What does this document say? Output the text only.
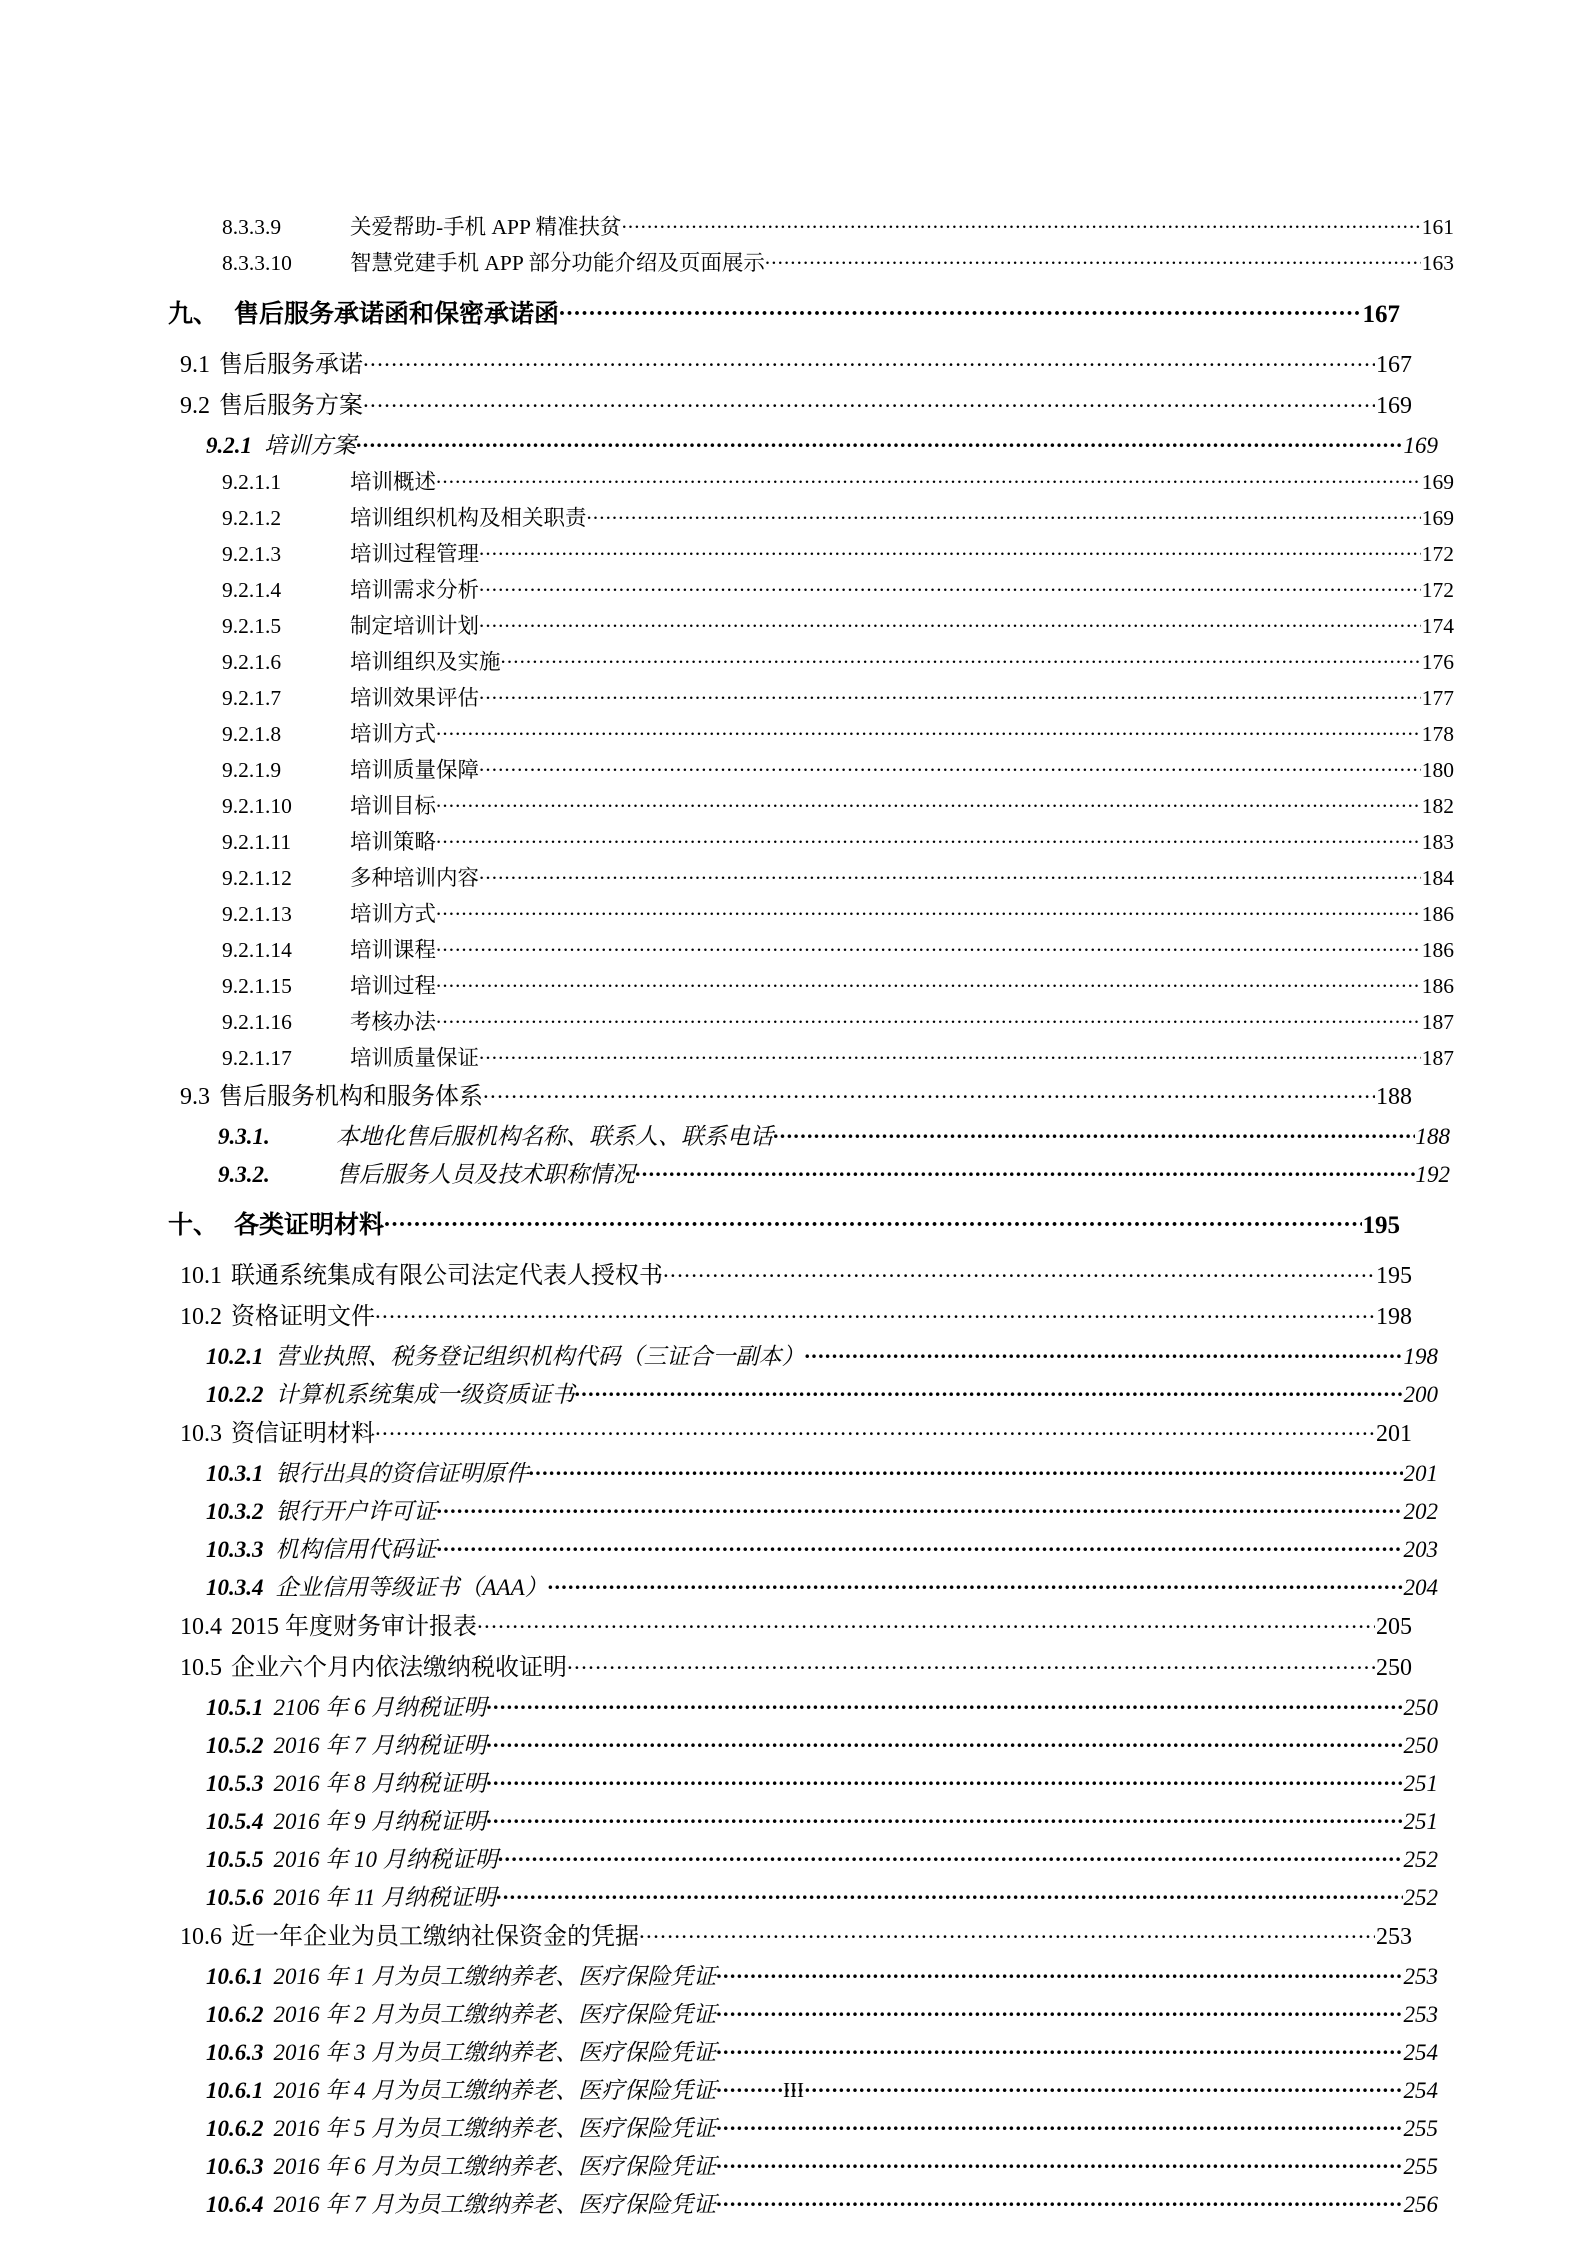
8.3.3.9	关爱帮助-手机 APP 精准扶贫 .....	161
8.3.3.10	智慧党建手机 APP 部分功能介绍及页面展示 .....	163
九、 售后服务承诺函和保密承诺函 .....	167
9.1 售后服务承诺 .....	167
9.2 售后服务方案 .....	169
9.2.1 培训方案 .....	169
9.2.1.1	培训概述 .....	169
9.2.1.2	培训组织机构及相关职责 .....	169
9.2.1.3	培训过程管理 .....	172
9.2.1.4	培训需求分析 .....	172
9.2.1.5	制定培训计划 .....	174
9.2.1.6	培训组织及实施 .....	176
9.2.1.7	培训效果评估 .....	177
9.2.1.8	培训方式 .....	178
9.2.1.9	培训质量保障 .....	180
9.2.1.10	培训目标 .....	182
9.2.1.11	培训策略 .....	183
9.2.1.12	多种培训内容 .....	184
9.2.1.13	培训方式 .....	186
9.2.1.14	培训课程 .....	186
9.2.1.15	培训过程 .....	186
9.2.1.16	考核办法 .....	187
9.2.1.17	培训质量保证 .....	187
9.3 售后服务机构和服务体系 .....	188
9.3.1.	本地化售后服机构名称、联系人、联系电话 .....	188
9.3.2.	售后服务人员及技术职称情况 .....	192
十、 各类证明材料 .....	195
10.1 联通系统集成有限公司法定代表人授权书 .....	195
10.2 资格证明文件 .....	198
10.2.1 营业执照、税务登记组织机构代码（三证合一副本） .....	198
10.2.2 计算机系统集成一级资质证书 .....	200
10.3 资信证明材料 .....	201
10.3.1 银行出具的资信证明原件 .....	201
10.3.2 银行开户许可证 .....	202
10.3.3 机构信用代码证 .....	203
10.3.4 企业信用等级证书（AAA） .....	204
10.4 2015 年度财务审计报表 .....	205
10.5 企业六个月内依法缴纳税收证明 .....	250
10.5.1 2106 年 6 月纳税证明 .....	250
10.5.2 2016 年 7 月纳税证明 .....	250
10.5.3 2016 年 8 月纳税证明 .....	251
10.5.4 2016 年 9 月纳税证明 .....	251
10.5.5 2016 年 10 月纳税证明 .....	252
10.5.6 2016 年 11 月纳税证明 .....	252
10.6 近一年企业为员工缴纳社保资金的凭据 .....	253
10.6.1 2016 年 1 月为员工缴纳养老、医疗保险凭证 .....	253
10.6.2 2016 年 2 月为员工缴纳养老、医疗保险凭证 .....	253
10.6.3 2016 年 3 月为员工缴纳养老、医疗保险凭证 .....	254
10.6.1 2016 年 4 月为员工缴纳养老、医疗保险凭证 .....	254
10.6.2 2016 年 5 月为员工缴纳养老、医疗保险凭证 .....	255
10.6.3 2016 年 6 月为员工缴纳养老、医疗保险凭证 .....	255
10.6.4 2016 年 7 月为员工缴纳养老、医疗保险凭证 .....	256
III
